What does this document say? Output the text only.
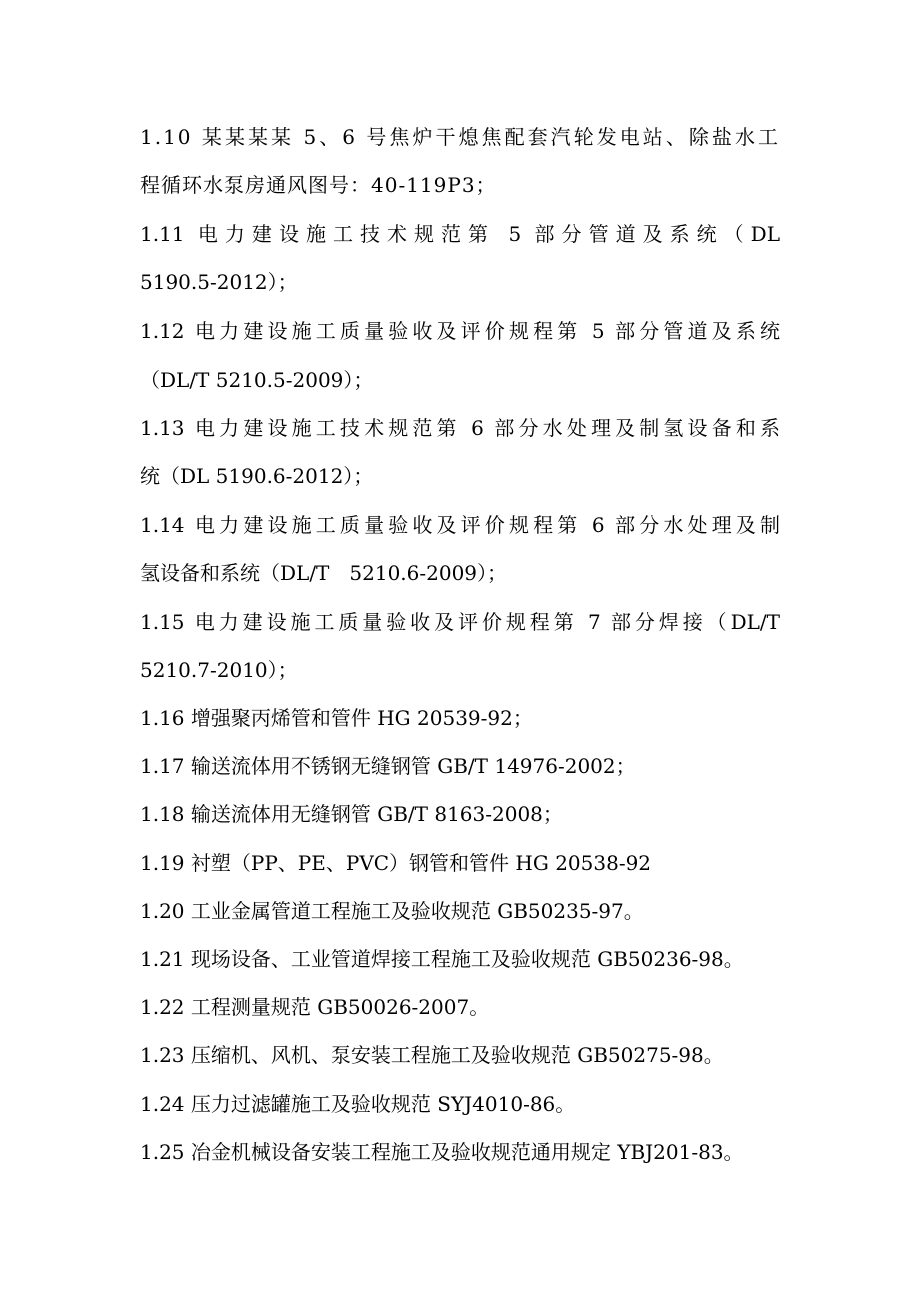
1.10 某某某某 5、6 号焦炉干熄焦配套汽轮发电站、除盐水工
程循环水泵房通风图号：40-119P3；
1.11 电力建设施工技术规范第 5 部分管道及系统（DL
5190.5-2012）；
1.12 电力建设施工质量验收及评价规程第 5 部分管道及系统
（DL/T 5210.5-2009）；
1.13 电力建设施工技术规范第 6 部分水处理及制氢设备和系
统（DL 5190.6-2012）；
1.14 电力建设施工质量验收及评价规程第 6 部分水处理及制
氢设备和系统（DL/T　5210.6-2009）；
1.15 电力建设施工质量验收及评价规程第 7 部分焊接（DL/T
5210.7-2010）；
1.16 增强聚丙烯管和管件 HG 20539-92；
1.17 输送流体用不锈钢无缝钢管 GB/T 14976-2002；
1.18 输送流体用无缝钢管 GB/T 8163-2008；
1.19 衬塑（PP、PE、PVC）钢管和管件 HG 20538-92
1.20 工业金属管道工程施工及验收规范 GB50235-97。
1.21 现场设备、工业管道焊接工程施工及验收规范 GB50236-98。
1.22 工程测量规范 GB50026-2007。
1.23 压缩机、风机、泵安装工程施工及验收规范 GB50275-98。
1.24 压力过滤罐施工及验收规范 SYJ4010-86。
1.25 冶金机械设备安装工程施工及验收规范通用规定 YBJ201-83。
